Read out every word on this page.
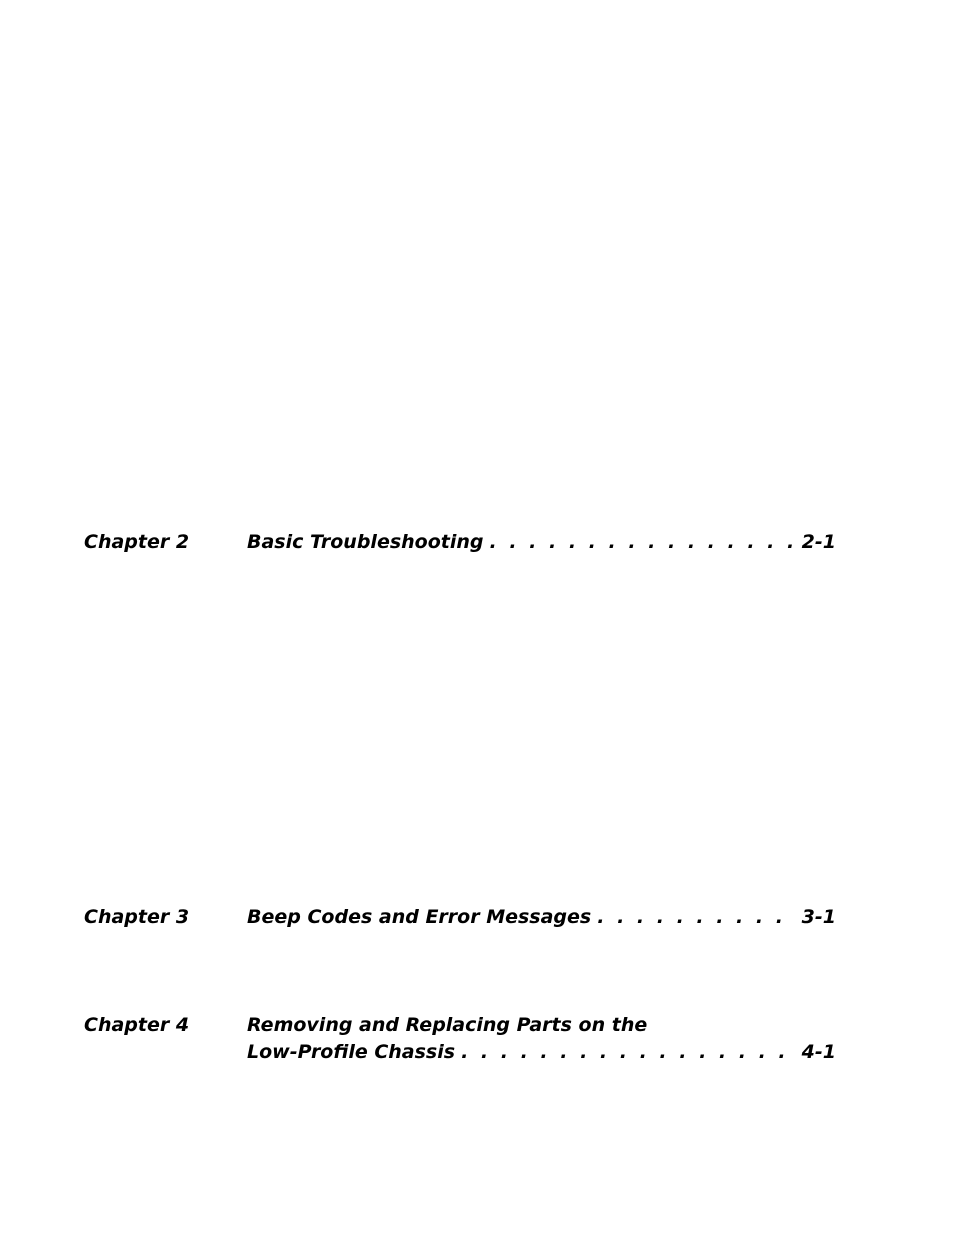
Chapter 2	Basic Troubleshooting . . .	2-1
Chapter 3	Beep Codes and Error Messages . . .	3-1
Chapter 4	Removing and Replacing Parts on the
Low-Profile Chassis . . .	4-1
